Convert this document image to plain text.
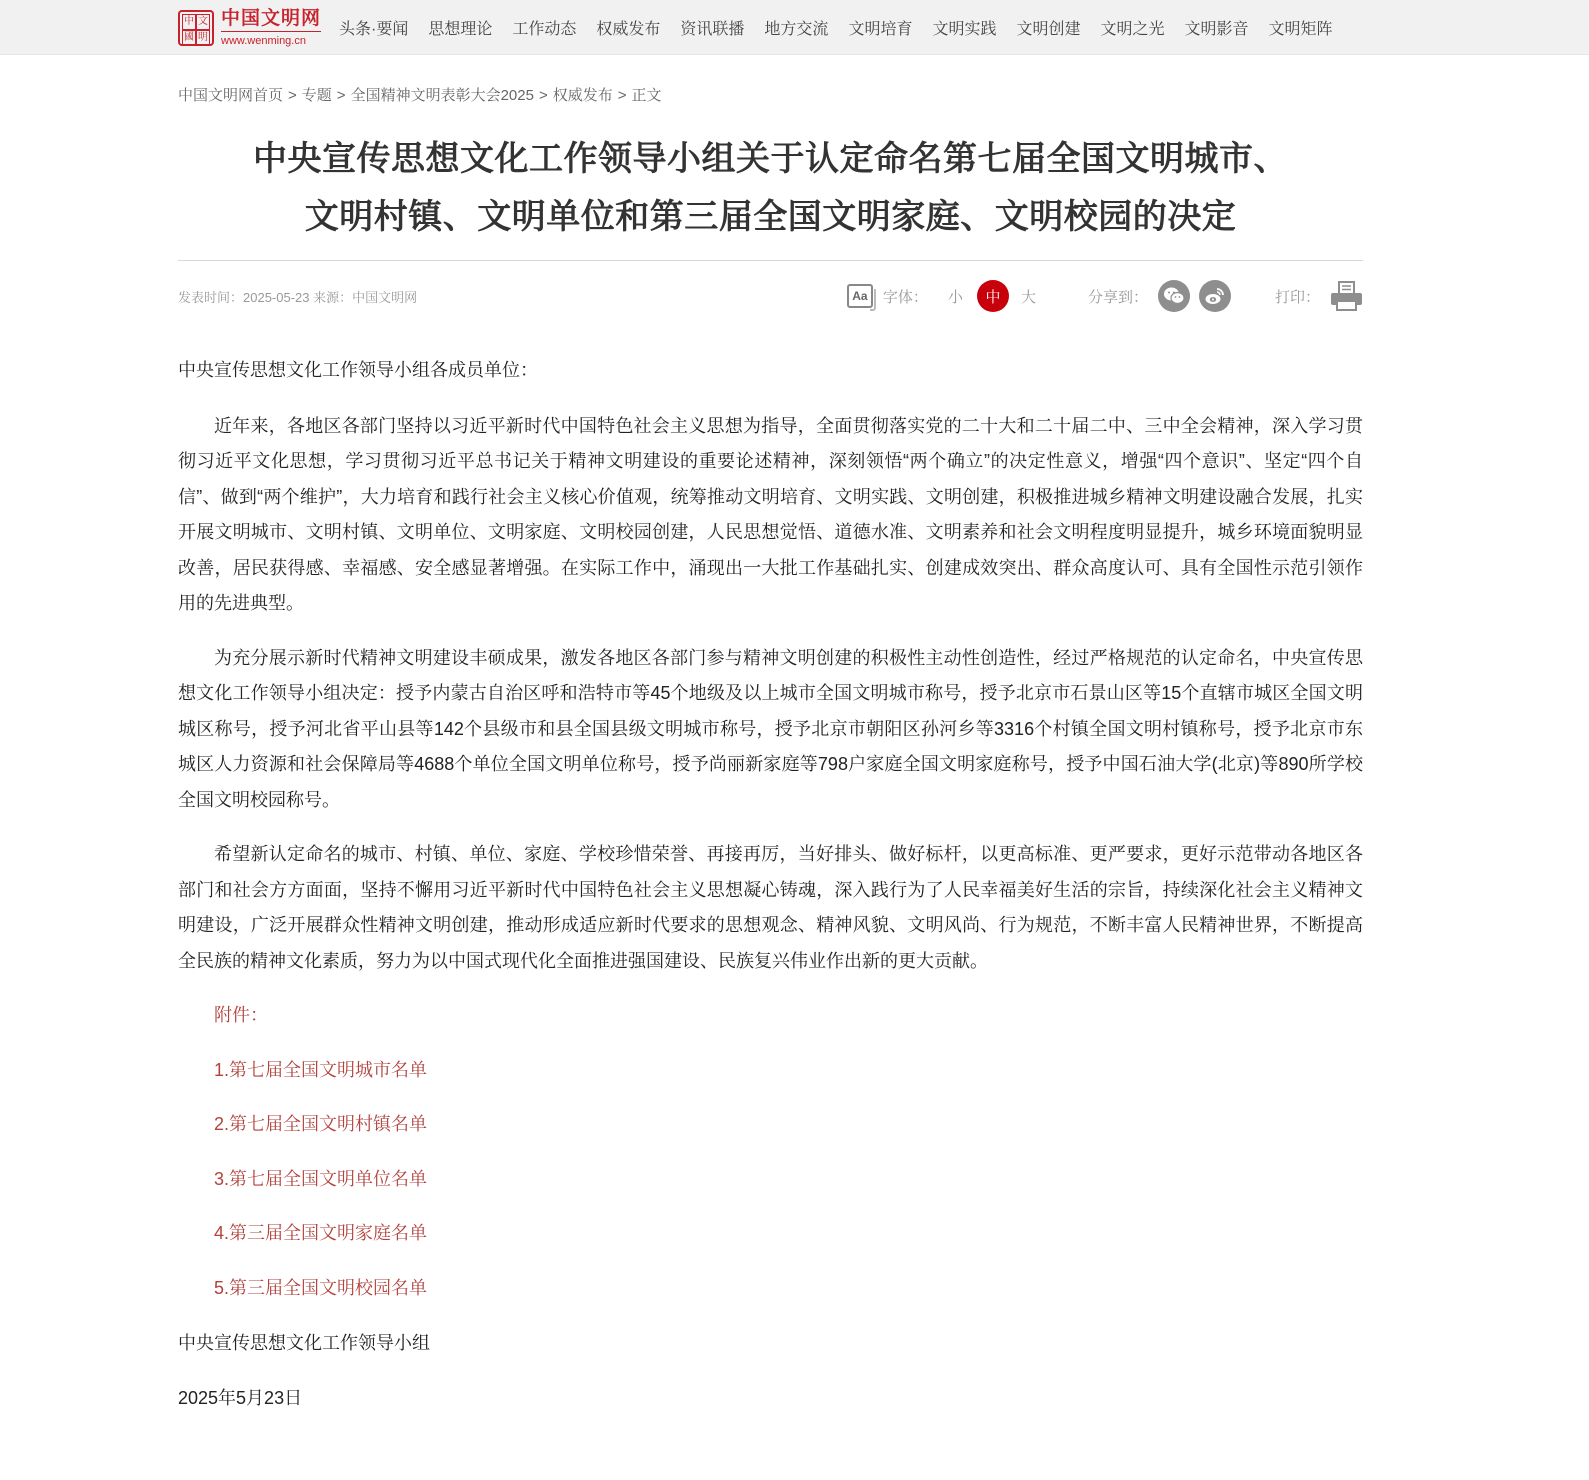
中 文
國 明
中国文明网
www.wenming.cn
头条·要闻 思想理论 工作动态 权威发布 资讯联播 地方交流 文明培育 文明实践 文明创建 文明之光 文明影音 文明矩阵
中国文明网首页 > 专题 > 全国精神文明表彰大会2025 > 权威发布 > 正文
中央宣传思想文化工作领导小组关于认定命名第七届全国文明城市、
文明村镇、文明单位和第三届全国文明家庭、文明校园的决定
发表时间：2025-05-23 来源：中国文明网	Aa	字体： 小	中	大	分享到：	打印：

中央宣传思想文化工作领导小组各成员单位：

近年来，各地区各部门坚持以习近平新时代中国特色社会主义思想为指导，全面贯彻落实党的二十大和二十届二中、三中全会精神，深入学习贯彻习近平文化思想，学习贯彻习近平总书记关于精神文明建设的重要论述精神，深刻领悟“两个确立”的决定性意义，增强“四个意识”、坚定“四个自信”、做到“两个维护”，大力培育和践行社会主义核心价值观，统筹推动文明培育、文明实践、文明创建，积极推进城乡精神文明建设融合发展，扎实开展文明城市、文明村镇、文明单位、文明家庭、文明校园创建，人民思想觉悟、道德水准、文明素养和社会文明程度明显提升，城乡环境面貌明显改善，居民获得感、幸福感、安全感显著增强。在实际工作中，涌现出一大批工作基础扎实、创建成效突出、群众高度认可、具有全国性示范引领作用的先进典型。

为充分展示新时代精神文明建设丰硕成果，激发各地区各部门参与精神文明创建的积极性主动性创造性，经过严格规范的认定命名，中央宣传思想文化工作领导小组决定：授予内蒙古自治区呼和浩特市等45个地级及以上城市全国文明城市称号，授予北京市石景山区等15个直辖市城区全国文明城区称号，授予河北省平山县等142个县级市和县全国县级文明城市称号，授予北京市朝阳区孙河乡等3316个村镇全国文明村镇称号，授予北京市东城区人力资源和社会保障局等4688个单位全国文明单位称号，授予尚丽新家庭等798户家庭全国文明家庭称号，授予中国石油大学(北京)等890所学校全国文明校园称号。

希望新认定命名的城市、村镇、单位、家庭、学校珍惜荣誉、再接再厉，当好排头、做好标杆，以更高标准、更严要求，更好示范带动各地区各部门和社会方方面面，坚持不懈用习近平新时代中国特色社会主义思想凝心铸魂，深入践行为了人民幸福美好生活的宗旨，持续深化社会主义精神文明建设，广泛开展群众性精神文明创建，推动形成适应新时代要求的思想观念、精神风貌、文明风尚、行为规范，不断丰富人民精神世界，不断提高全民族的精神文化素质，努力为以中国式现代化全面推进强国建设、民族复兴伟业作出新的更大贡献。

附件：

1.第七届全国文明城市名单

2.第七届全国文明村镇名单

3.第七届全国文明单位名单

4.第三届全国文明家庭名单

5.第三届全国文明校园名单

中央宣传思想文化工作领导小组

2025年5月23日
